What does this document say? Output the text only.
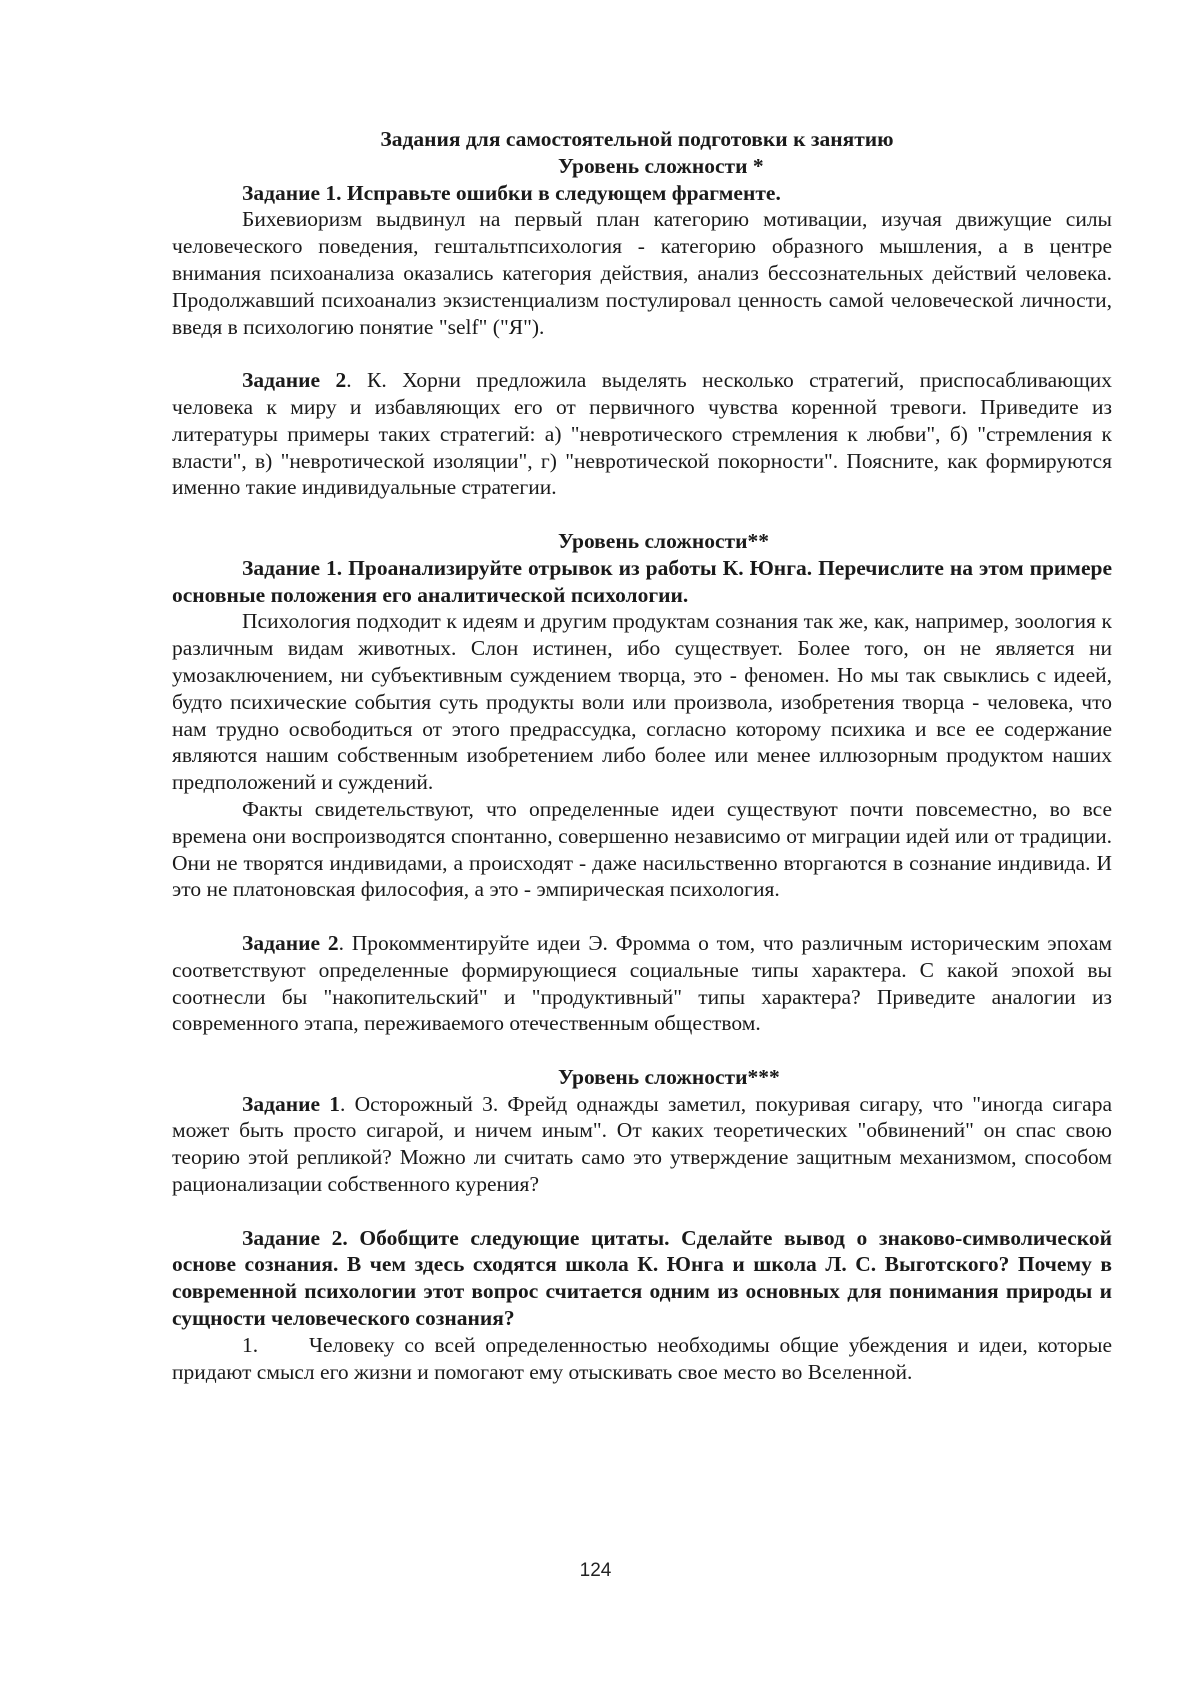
Задания для самостоятельной подготовки к занятию
Уровень сложности *
Задание 1. Исправьте ошибки в следующем фрагменте.

Бихевиоризм выдвинул на первый план категорию мотивации, изучая движущие силы человеческого поведения, гештальтпсихология - категорию образного мышления, а в центре внимания психоанализа оказались категория действия, анализ бессознательных действий человека. Продолжавший психоанализ экзистенциализм постулировал ценность самой человеческой личности, введя в психологию понятие "self" ("Я").

Задание 2. К. Хорни предложила выделять несколько стратегий, приспосабливающих человека к миру и избавляющих его от первичного чувства коренной тревоги. Приведите из литературы примеры таких стратегий: а) "невротического стремления к любви", б) "стремления к власти", в) "невротической изоляции", г) "невротической покорности". Поясните, как формируются именно такие индивидуальные стратегии.

Уровень сложности**
Задание 1. Проанализируйте отрывок из работы К. Юнга. Перечислите на этом примере основные положения его аналитической психологии.

Психология подходит к идеям и другим продуктам сознания так же, как, например, зоология к различным видам животных. Слон истинен, ибо существует. Более того, он не является ни умозаключением, ни субъективным суждением творца, это - феномен. Но мы так свыклись с идеей, будто психические события суть продукты воли или произвола, изобретения творца - человека, что нам трудно освободиться от этого предрассудка, согласно которому психика и все ее содержание являются нашим собственным изобретением либо более или менее иллюзорным продуктом наших предположений и суждений.

Факты свидетельствуют, что определенные идеи существуют почти повсеместно, во все времена они воспроизводятся спонтанно, совершенно независимо от миграции идей или от традиции. Они не творятся индивидами, а происходят - даже насильственно вторгаются в сознание индивида. И это не платоновская философия, а это - эмпирическая психология.

Задание 2. Прокомментируйте идеи Э. Фромма о том, что различным историческим эпохам соответствуют определенные формирующиеся социальные типы характера. С какой эпохой вы соотнесли бы "накопительский" и "продуктивный" типы характера? Приведите аналогии из современного этапа, переживаемого отечественным обществом.

Уровень сложности***

Задание 1. Осторожный 3. Фрейд однажды заметил, покуривая сигару, что "иногда сигара может быть просто сигарой, и ничем иным". От каких теоретических "обвинений" он спас свою теорию этой репликой? Можно ли считать само это утверждение защитным механизмом, способом рационализации собственного курения?

Задание 2. Обобщите следующие цитаты. Сделайте вывод о знаково-символической основе сознания. В чем здесь сходятся школа К. Юнга и школа Л. С. Выготского? Почему в современной психологии этот вопрос считается одним из основных для понимания природы и сущности человеческого сознания?

1. Человеку со всей определенностью необходимы общие убеждения и идеи, которые придают смысл его жизни и помогают ему отыскивать свое место во Вселенной.
124
